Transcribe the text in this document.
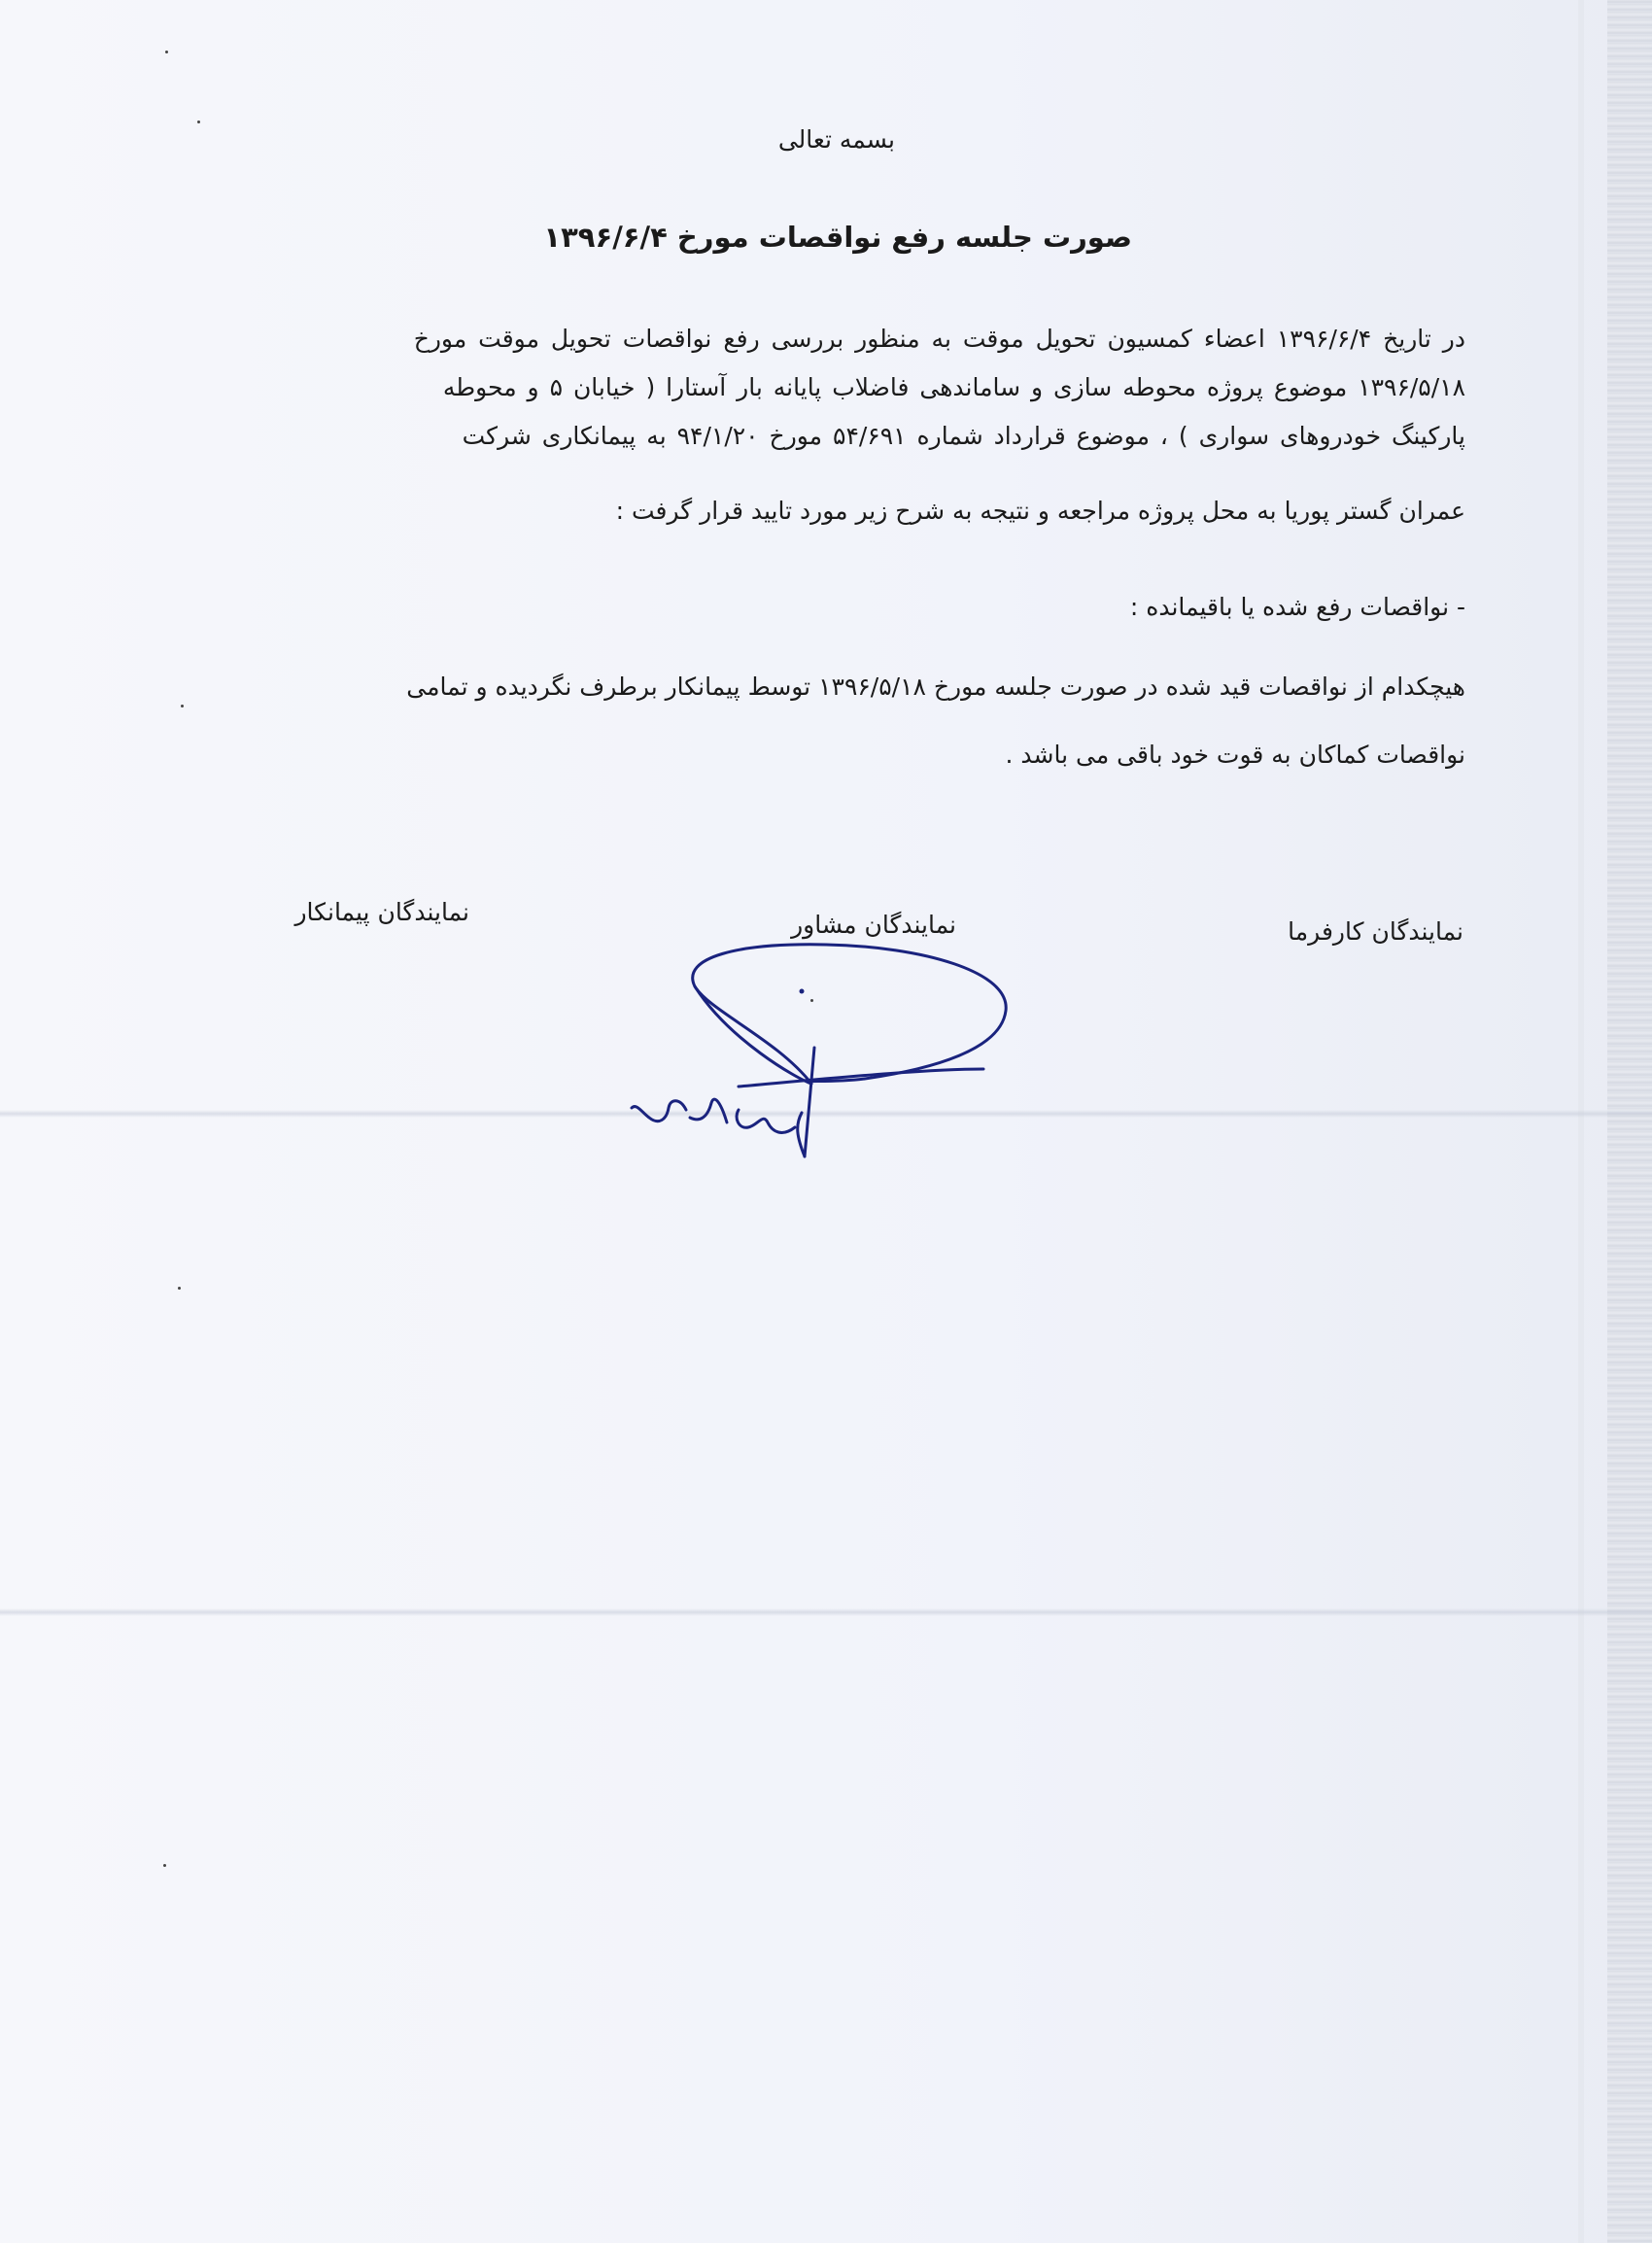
بسمه تعالی
صورت جلسه رفع نواقصات مورخ ۱۳۹۶/۶/۴
در تاریخ ۱۳۹۶/۶/۴ اعضاء کمسیون تحویل موقت به منظور بررسی رفع نواقصات تحویل موقت مورخ
۱۳۹۶/۵/۱۸ موضوع پروژه محوطه سازی و ساماندهی فاضلاب پایانه بار آستارا ( خیابان ۵ و محوطه
پارکینگ خودروهای سواری ) ، موضوع قرارداد شماره ۵۴/۶۹۱ مورخ ۹۴/۱/۲۰ به پیمانکاری شرکت
عمران گستر پوریا به محل پروژه مراجعه و نتیجه به شرح زیر مورد تایید قرار گرفت :
- نواقصات رفع شده یا باقیمانده :
هیچکدام از نواقصات قید شده در صورت جلسه مورخ ۱۳۹۶/۵/۱۸ توسط پیمانکار برطرف نگردیده و تمامی
نواقصات کماکان به قوت خود باقی می باشد .
نمایندگان کارفرما
نمایندگان مشاور
نمایندگان پیمانکار
